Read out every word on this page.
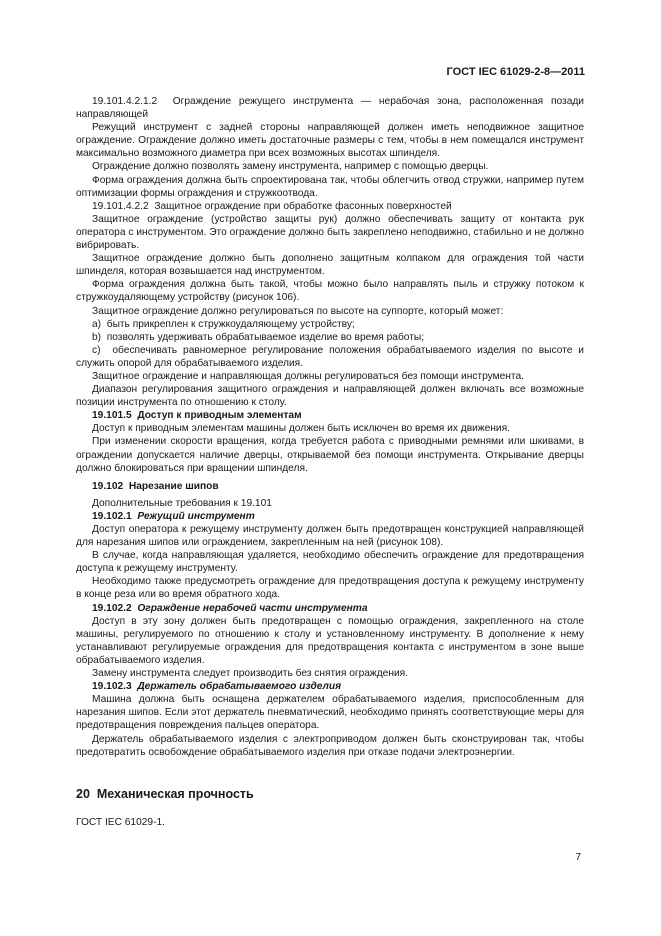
ГОСТ IEC 61029-2-8—2011

19.101.4.2.1.2 Ограждение режущего инструмента — нерабочая зона, расположенная позади направляющей

Режущий инструмент с задней стороны направляющей должен иметь неподвижное защитное ограждение. Ограждение должно иметь достаточные размеры с тем, чтобы в нем помещался инструмент максимально возможного диаметра при всех возможных высотах шпинделя.

Ограждение должно позволять замену инструмента, например с помощью дверцы.

Форма ограждения должна быть спроектирована так, чтобы облегчить отвод стружки, например путем оптимизации формы ограждения и стружкоотвода.

19.101.4.2.2 Защитное ограждение при обработке фасонных поверхностей

Защитное ограждение (устройство защиты рук) должно обеспечивать защиту от контакта рук оператора с инструментом. Это ограждение должно быть закреплено неподвижно, стабильно и не должно вибрировать.

Защитное ограждение должно быть дополнено защитным колпаком для ограждения той части шпинделя, которая возвышается над инструментом.

Форма ограждения должна быть такой, чтобы можно было направлять пыль и стружку потоком к стружкоудаляющему устройству (рисунок 106).

Защитное ограждение должно регулироваться по высоте на суппорте, который может:

a) быть прикреплен к стружкоудаляющему устройству;

b) позволять удерживать обрабатываемое изделие во время работы;

c) обеспечивать равномерное регулирование положения обрабатываемого изделия по высоте и служить опорой для обрабатываемого изделия.

Защитное ограждение и направляющая должны регулироваться без помощи инструмента.

Диапазон регулирования защитного ограждения и направляющей должен включать все возможные позиции инструмента по отношению к столу.

19.101.5 Доступ к приводным элементам

Доступ к приводным элементам машины должен быть исключен во время их движения.

При изменении скорости вращения, когда требуется работа с приводными ремнями или шкивами, в ограждении допускается наличие дверцы, открываемой без помощи инструмента. Открывание дверцы должно блокироваться при вращении шпинделя.

19.102 Нарезание шипов

Дополнительные требования к 19.101

19.102.1 Режущий инструмент

Доступ оператора к режущему инструменту должен быть предотвращен конструкцией направляющей для нарезания шипов или ограждением, закрепленным на ней (рисунок 108).

В случае, когда направляющая удаляется, необходимо обеспечить ограждение для предотвращения доступа к режущему инструменту.

Необходимо также предусмотреть ограждение для предотвращения доступа к режущему инструменту в конце реза или во время обратного хода.

19.102.2 Ограждение нерабочей части инструмента

Доступ в эту зону должен быть предотвращен с помощью ограждения, закрепленного на столе машины, регулируемого по отношению к столу и установленному инструменту. В дополнение к нему устанавливают регулируемые ограждения для предотвращения контакта с инструментом в зоне выше обрабатываемого изделия.

Замену инструмента следует производить без снятия ограждения.

19.102.3 Держатель обрабатываемого изделия

Машина должна быть оснащена держателем обрабатываемого изделия, приспособленным для нарезания шипов. Если этот держатель пневматический, необходимо принять соответствующие меры для предотвращения повреждения пальцев оператора.

Держатель обрабатываемого изделия с электроприводом должен быть сконструирован так, чтобы предотвратить освобождение обрабатываемого изделия при отказе подачи электроэнергии.

20 Механическая прочность
ГОСТ IEC 61029-1.
7
